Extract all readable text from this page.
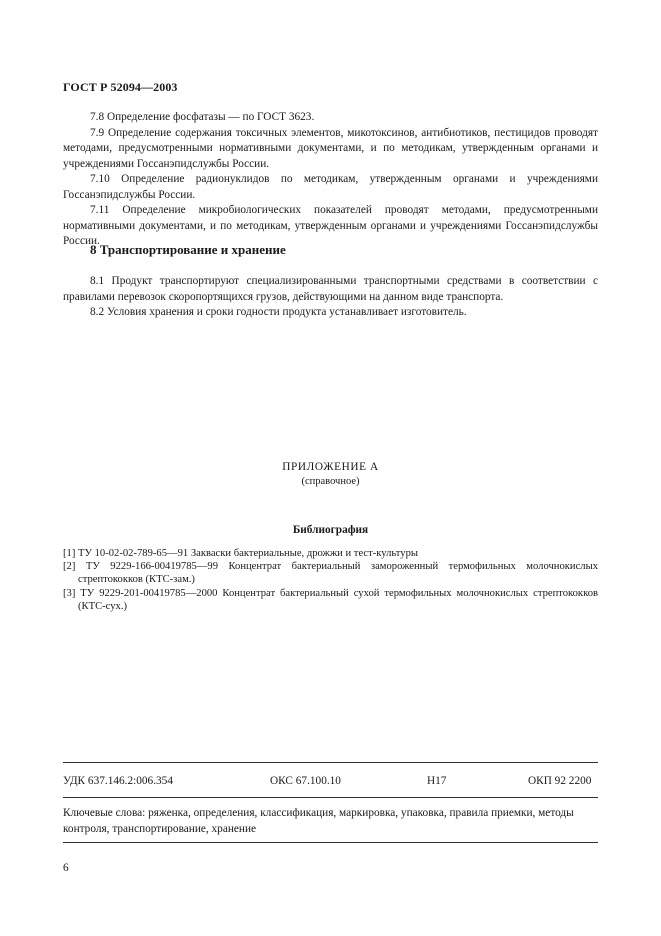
ГОСТ Р 52094—2003

7.8 Определение фосфатазы — по ГОСТ 3623.

7.9 Определение содержания токсичных элементов, микотоксинов, антибиотиков, пестицидов проводят методами, предусмотренными нормативными документами, и по методикам, утвержденным органами и учреждениями Госсанэпидслужбы России.

7.10 Определение радионуклидов по методикам, утвержденным органами и учреждениями Госсанэпидслужбы России.

7.11 Определение микробиологических показателей проводят методами, предусмотренными нормативными документами, и по методикам, утвержденным органами и учреждениями Госсанэпидслужбы России.

8 Транспортирование и хранение

8.1 Продукт транспортируют специализированными транспортными средствами в соответствии с правилами перевозок скоропортящихся грузов, действующими на данном виде транспорта.

8.2 Условия хранения и сроки годности продукта устанавливает изготовитель.

ПРИЛОЖЕНИЕ А
(справочное)
Библиография

[1] ТУ 10-02-02-789-65—91 Закваски бактериальные, дрожжи и тест-культуры

[2] ТУ 9229-166-00419785—99 Концентрат бактериальный замороженный термофильных молочнокислых стрептококков (КТС-зам.)

[3] ТУ 9229-201-00419785—2000 Концентрат бактериальный сухой термофильных молочнокислых стрептококков (КТС-сух.)

УДК 637.146.2:006.354	ОКС 67.100.10	Н17	ОКП 92 2200
Ключевые слова: ряженка, определения, классификация, маркировка, упаковка, правила приемки, методы контроля, транспортирование, хранение
6
